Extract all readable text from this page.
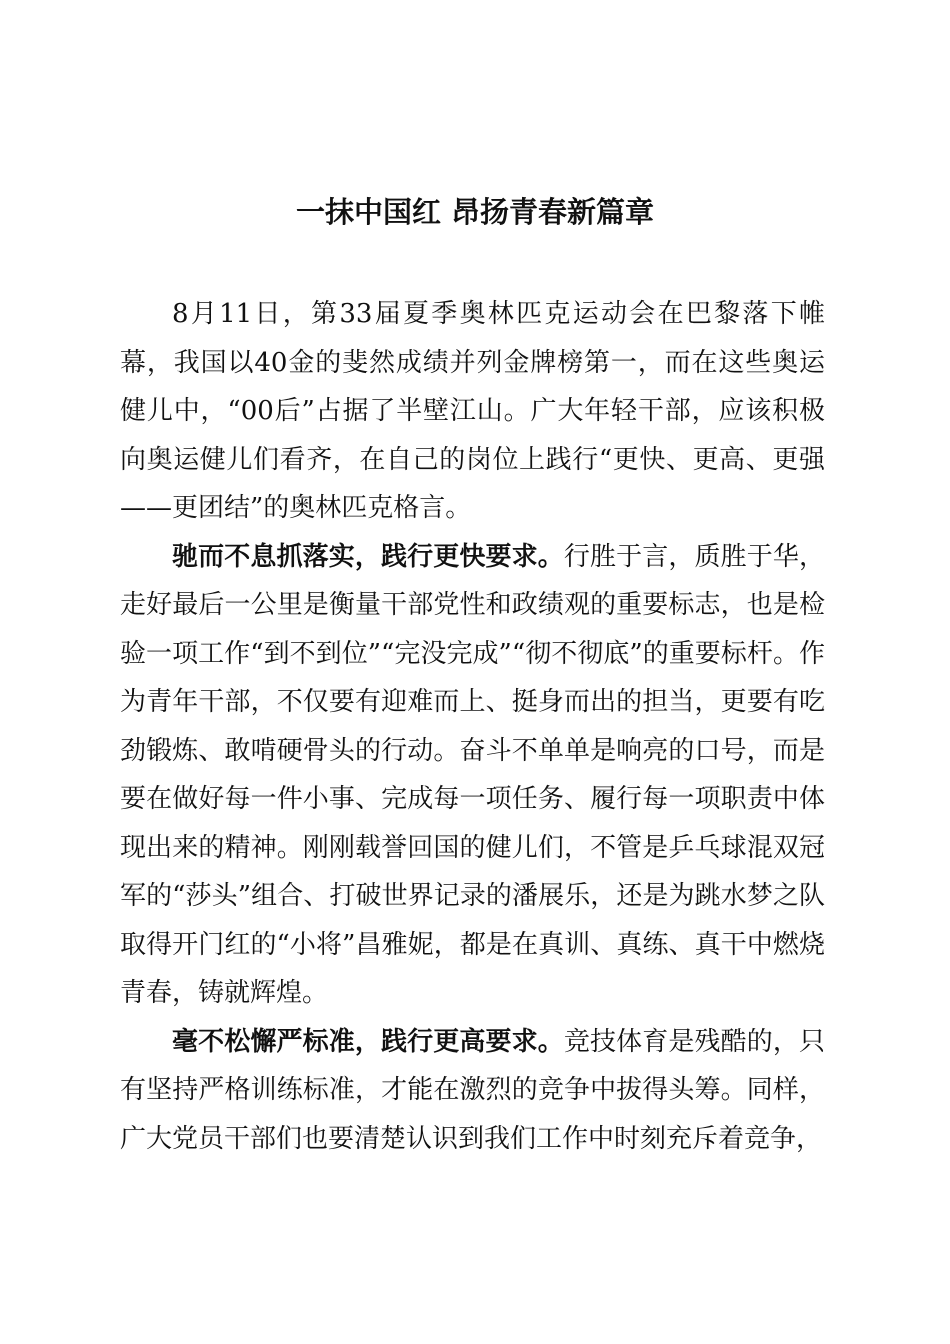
一抹中国红 昂扬青春新篇章

8月11日，第33届夏季奥林匹克运动会在巴黎落下帷幕，我国以40金的斐然成绩并列金牌榜第一，而在这些奥运健儿中，“00后”占据了半壁江山。广大年轻干部，应该积极向奥运健儿们看齐，在自己的岗位上践行“更快、更高、更强——更团结”的奥林匹克格言。

驰而不息抓落实，践行更快要求。行胜于言，质胜于华，走好最后一公里是衡量干部党性和政绩观的重要标志，也是检验一项工作“到不到位”“完没完成”“彻不彻底”的重要标杆。作为青年干部，不仅要有迎难而上、挺身而出的担当，更要有吃劲锻炼、敢啃硬骨头的行动。奋斗不单单是响亮的口号，而是要在做好每一件小事、完成每一项任务、履行每一项职责中体现出来的精神。刚刚载誉回国的健儿们，不管是乒乓球混双冠军的“莎头”组合、打破世界记录的潘展乐，还是为跳水梦之队取得开门红的“小将”昌雅妮，都是在真训、真练、真干中燃烧青春，铸就辉煌。

毫不松懈严标准，践行更高要求。竞技体育是残酷的，只有坚持严格训练标准，才能在激烈的竞争中拔得头筹。同样，广大党员干部们也要清楚认识到我们工作中时刻充斥着竞争，
